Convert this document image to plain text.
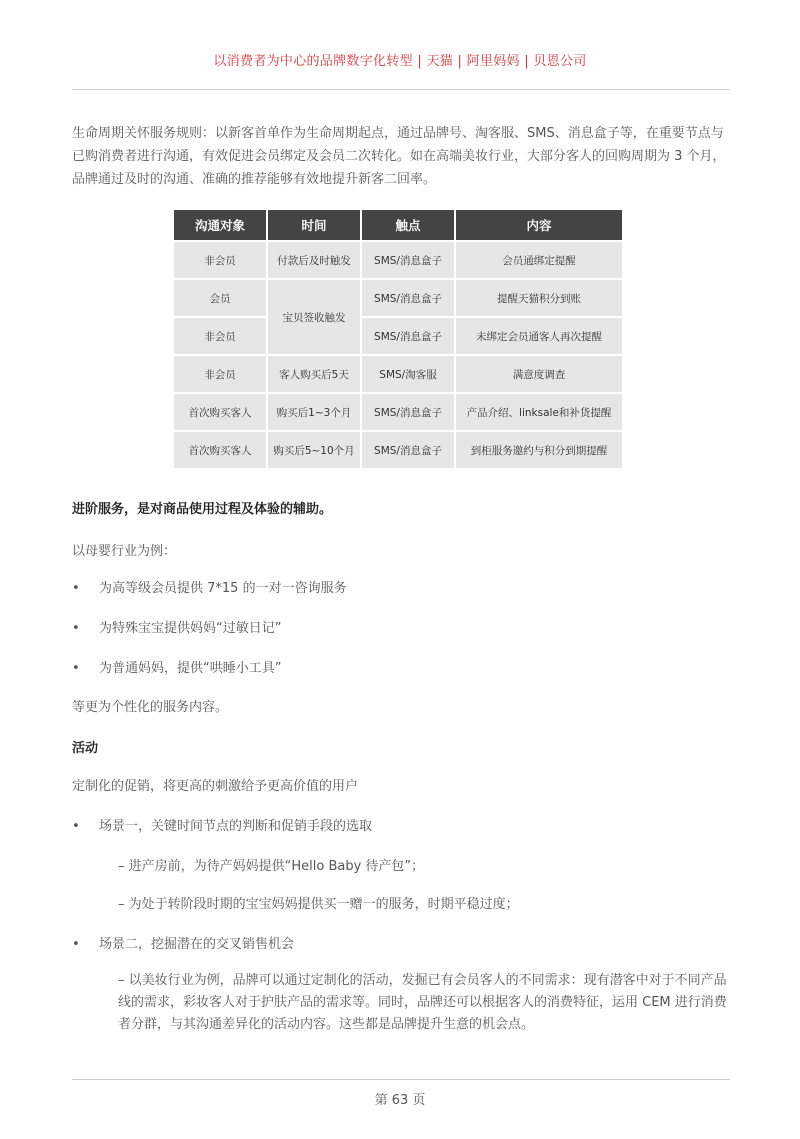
以消费者为中心的品牌数字化转型 | 天猫 | 阿里妈妈 | 贝恩公司
生命周期关怀服务规则：以新客首单作为生命周期起点，通过品牌号、淘客服、SMS、消息盒子等，在重要节点与已购消费者进行沟通，有效促进会员绑定及会员二次转化。如在高端美妆行业，大部分客人的回购周期为 3 个月，品牌通过及时的沟通、准确的推荐能够有效地提升新客二回率。
沟通对象	时间	触点	内容
非会员	付款后及时触发	SMS/消息盒子	会员通绑定提醒
会员	宝贝签收触发	SMS/消息盒子	提醒天猫积分到账
非会员		SMS/消息盒子	未绑定会员通客人再次提醒
非会员	客人购买后5天	SMS/淘客服	满意度调查
首次购买客人	购买后1~3个月	SMS/消息盒子	产品介绍、linksale和补货提醒
首次购买客人	购买后5~10个月	SMS/消息盒子	到柜服务邀约与积分到期提醒
进阶服务，是对商品使用过程及体验的辅助。
以母婴行业为例：
• 为高等级会员提供 7*15 的一对一咨询服务
• 为特殊宝宝提供妈妈“过敏日记”
• 为普通妈妈，提供“哄睡小工具”
等更为个性化的服务内容。
活动
定制化的促销，将更高的刺激给予更高价值的用户
• 场景一，关键时间节点的判断和促销手段的选取
– 进产房前，为待产妈妈提供“Hello Baby 待产包”；
– 为处于转阶段时期的宝宝妈妈提供买一赠一的服务，时期平稳过度；
• 场景二，挖掘潜在的交叉销售机会
– 以美妆行业为例，品牌可以通过定制化的活动，发掘已有会员客人的不同需求：现有潜客中对于不同产品线的需求，彩妆客人对于护肤产品的需求等。同时，品牌还可以根据客人的消费特征，运用 CEM 进行消费者分群，与其沟通差异化的活动内容。这些都是品牌提升生意的机会点。
第 63 页
